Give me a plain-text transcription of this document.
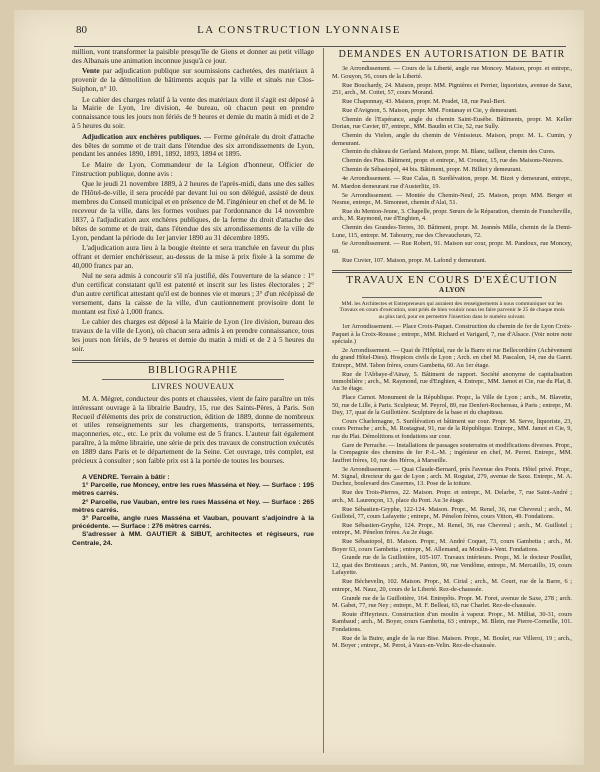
80	LA CONSTRUCTION LYONNAISE

million, vont transformer la paisible presqu'île de Giens et donner au petit village des Albanais une animation inconnue jusqu'à ce jour.

Vente par adjudication publique sur soumissions cachetées, des matériaux à provenir de la démolition de bâtiments acquis par la ville et situés rue Clos-Suiphon, n° 10.

Le cahier des charges relatif à la vente des matériaux dont il s'agit est déposé à la Mairie de Lyon, 1re division, 4e bureau, où chacun peut en prendre connaissance tous les jours non fériés de 9 heures et demie du matin à midi et de 2 à 5 heures du soir.

Adjudication aux enchères publiques. — Ferme générale du droit d'attache des bêtes de somme et de trait dans l'étendue des six arrondissements de Lyon, pendant les années 1890, 1891, 1892, 1893, 1894 et 1895.

Le Maire de Lyon, Commandeur de la Légion d'honneur, Officier de l'instruction publique, donne avis :

Que le jeudi 21 novembre 1889, à 2 heures de l'après-midi, dans une des salles de l'Hôtel-de-ville, il sera procédé par devant lui ou son délégué, assisté de deux membres du Conseil municipal et en présence de M. l'ingénieur en chef et de M. le receveur de la ville, dans les formes voulues par l'ordonnance du 14 novembre 1837, à l'adjudication aux enchères publiques, de la ferme du droit d'attache des bêtes de somme et de trait, dans l'étendue des six arrondissements de la ville de Lyon, pendant la période du 1er janvier 1890 au 31 décembre 1895.

L'adjudication aura lieu à la bougie éteinte et sera tranchée en faveur du plus offrant et dernier enchérisseur, au-dessus de la mise à prix fixée à la somme de 40,000 francs par an.

Nul ne sera admis à concourir s'il n'a justifié, dès l'ouverture de la séance : 1° d'un certificat constatant qu'il est patenté et inscrit sur les listes électorales ; 2° d'un autre certificat attestant qu'il est de bonnes vie et mœurs ; 3° d'un récépissé de versement, dans la caisse de la ville, d'un cautionnement provisoire dont le montant est fixé à 1,000 francs.

Le cahier des charges est déposé à la Mairie de Lyon (1re division, bureau des travaux de la ville de Lyon), où chacun sera admis à en prendre connaissance, tous les jours non fériés, de 9 heures et demie du matin à midi et de 2 à 5 heures du soir.

BIBLIOGRAPHIE
LIVRES NOUVEAUX

M. A. Mégret, conducteur des ponts et chaussées, vient de faire paraître un très intéressant ouvrage à la librairie Baudry, 15, rue des Saints-Pères, à Paris. Son Recueil d'éléments des prix de construction, édition de 1889, donne de nombreux et utiles renseignements sur les chargements, transports, terrassements, maçonneries, etc., etc. Le prix du volume est de 5 francs. L'auteur fait également paraître, à la même librairie, une série de prix des travaux de construction exécutés en 1889 dans Paris et le département de la Seine. Cet ouvrage, très complet, est précieux à consulter ; son faible prix est à la portée de toutes les bourses.

A VENDRE. Terrain à bâtir :
1° Parcelle, rue Moncey, entre les rues Masséna et Ney. — Surface : 195 mètres carrés.
2° Parcelle, rue Vauban, entre les rues Masséna et Ney. — Surface : 265 mètres carrés.
3° Parcelle, angle rues Masséna et Vauban, pouvant s'adjoindre à la précédente. — Surface : 276 mètres carrés.
S'adresser à MM. GAUTIER & SIBUT, architectes et régiseurs, rue Centrale, 24.
DEMANDES EN AUTORISATION DE BATIR

3e Arrondissement. — Cours de la Liberté, angle rue Moncey. Maison, propr. et entrepr., M. Gouyon, 56, cours de la Liberté.

Rue Bouchardy, 24. Maison, propr. MM. Pignières et Perrier, liquoristes, avenue de Saxe, 251, arch., M. Cottet, 57, cours Morand.

Rue Chaponnay, 43. Maison, propr. M. Pradet, 18, rue Paul-Bert.

Rue d'Avignon, 5. Maison, propr. MM. Fontanay et Cie, y demeurant.

Chemin de l'Espérance, angle du chemin Saint-Eusèbe. Bâtiments, propr. M. Keller Dorian, rue Cavier, 87, entrepr., MM. Baudin et Cie, 52, rue Sully.

Chemin du Vielon, angle du chemin de Vénissieux. Maison, propr. M. L. Cumin, y demeurant.

Chemin du château de Gerland. Maison, propr. M. Blanc, tailleur, chemin des Cures.

Chemin des Pins. Bâtiment, propr. et entrepr., M. Croutez, 15, rue des Maisons-Neuves.

Chemin de Sébastopol, 44 bis. Bâtiment, propr. M. Billiet y demeurant.

4e Arrondissement. — Rue Calas, 8. Surélévation, propr. M. Bizet y demeurant, entrepr., M. Mardon demeurant rue d'Austerlitz, 19.

5e Arrondissement. — Montée du Chemin-Neuf, 25. Maison, propr. MM. Berger et Nesme, entrepr., M. Simonnet, chemin d'Alaï, 51.

Rue du Menton-Jeune, 3. Chapelle, propr. Sœurs de la Réparation, chemin de Francheville, arch., M. Raymond, rue d'Enghien, 4.

Chemin des Grandes-Terres, 30. Bâtiment, propr. M. Jeannès Mille, chemin de la Demi-Lune, 115, entrepr. M. Tabourry, rue des Chevaucheurs, 72.

6e Arrondissement. — Rue Robert, 91. Maison sur cour, propr. M. Pandoux, rue Moncey, 68.

Rue Cuvier, 107. Maison, propr. M. Lafond y demeurant.

TRAVAUX EN COURS D'EXÉCUTION
A LYON
MM. les Architectes et Entrepreneurs qui auraient des renseignements à nous communiquer sur les Travaux en cours d'exécution, sont priés de bien vouloir nous les faire parvenir le 25 de chaque mois au plus tard, pour en permettre l'insertion dans le numéro suivant.

1er Arrondissement. — Place Croix-Paquet. Construction du chemin de fer de Lyon Croix-Paquet à la Croix-Rousse ; entrepr., MM. Richard et Varigard, 7, rue d'Alsace. (Voir notre note spéciale.)

2e Arrondissement. — Quai de l'Hôpital, rue de la Barre et rue Bellecordière (Achèvement du grand Hôtel-Dieu). Hospices civils de Lyon ; Arch. en chef M. Pascalon, 14, rue du Garet. Entrepr., MM. Tabon frères, cours Gambetta, 60. Au 1er étage.

Rue de l'Abbaye-d'Ainay, 5. Bâtiment de rapport. Société anonyme de capitalisation immobilière ; arch., M. Raymond, rue d'Enghien, 4. Entrepr., MM. Jamot et Cie, rue du Plat, 8. Au 3e étage.

Place Carnot. Monument de la République. Propr., la Ville de Lyon ; arch., M. Blavette, 50, rue de Lille, à Paris. Sculpteur, M. Peyrol, 89, rue Denfert-Rochereau, à Paris ; entrepr., M. Duy, 17, quai de la Guillotière. Sculpture de la base et du chapiteau.

Cours Charlemagne, 5. Surélévation et bâtiment sur cour. Propr. M. Serve, liquoriste, 23, cours Perrache ; arch., M. Rostagnat, 91, rue de la République. Entrepr., MM. Jamot et Cie, 9, rue du Plat. Démolitions et fondations sur cour.

Gare de Perrache. — Installations de passages souterrains et modifications diverses. Propr., la Compagnie des chemins de fer P.-L.-M. ; ingénieur en chef, M. Perret. Entrepr., MM. Jauffret frères, 10, rue des Héros, à Marseille.

3e Arrondissement. — Quai Claude-Bernard, près l'avenue des Ponts. Hôtel privé. Propr., M. Signal, directeur du gaz de Lyon ; arch. M. Roguiat, 279, avenue de Saxe. Entrepr., M. A. Duchez, boulevard des Casernes, 13. Pose de la toiture.

Rue des Trois-Pierres, 22. Maison. Propr. et entrepr., M. Delarbe, 7, rue Saint-André ; arch., M. Laurençon, 13, place du Pont. Au 3e étage.

Rue Sébastien-Gryphe, 122-124. Maison. Propr., M. Renel, 36, rue Chevreul ; arch., M. Guillotel, 77, cours Lafayette ; entrepr., M. Pénelon frères, cours Vitton, 49. Fondations.

Rue Sébastien-Gryphe, 124. Propr., M. Renel, 36, rue Chevreul ; arch., M. Guillotel ; entrepr., M. Pénelon frères. Au 2e étage.

Rue Sébastopol, 81. Maison. Propr., M. André Coquet, 73, cours Gambetta ; arch., M. Boyer 63, cours Gambetta ; entrepr., M. Allemand, au Moulin-à-Vent. Fondations.

Grande rue de la Guillotière, 105-107. Travaux intérieurs. Propr., M. le docteur Pouillet, 12, quai des Brotteaux ; arch., M. Panton, 90, rue Vendôme, entrepr., M. Mercatillo, 19, cours Lafayette.

Rue Béchevelin, 102. Maison. Propr., M. Cirial ; arch., M. Court, rue de la Barre, 6 ; entrepr., M. Nauz, 20, cours de la Liberté. Rez-de-chaussée.

Grande rue de la Guillotière, 164. Entrepôts. Propr. M. Foret, avenue de Saxe, 278 ; arch. M. Gabet, 77, rue Ney ; entrepr., M. F. Belleat, 63, rue Charlet. Rez-de-chaussée.

Route d'Heyrieux. Construction d'un moulin à vapeur. Propr., M. Milliat, 30-31, cours Rambaud ; arch., M. Boyer, cours Gambetta, 63 ; entrepr., M. Blein, rue Pierre-Corneille, 101. Fondations.

Rue de la Buire, angle de la rue Bise. Maison. Propr., M. Boulet, rue Villeroi, 19 ; arch., M. Boyer ; entrepr., M. Perot, à Vaux-en-Velin. Rez-de-chaussée.
